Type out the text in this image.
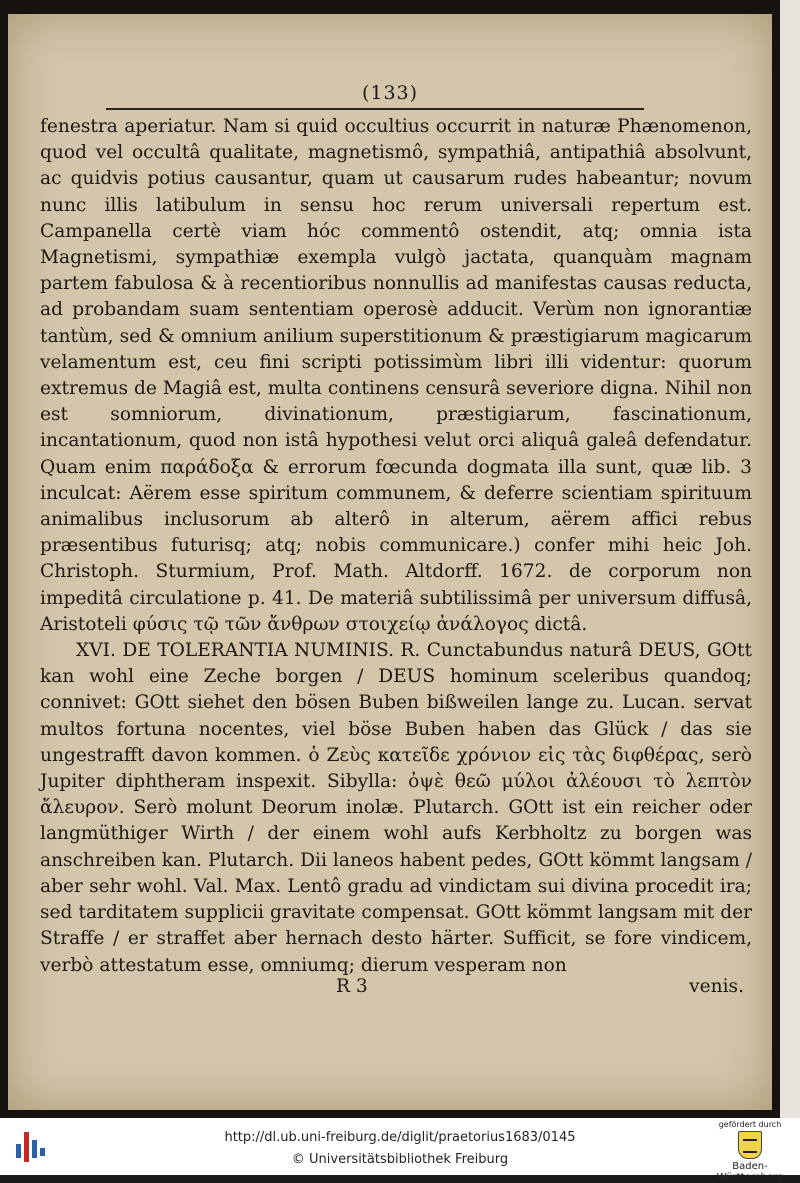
(133)

fenestra aperiatur. Nam si quid occultius occurrit in naturæ Phænomenon, quod vel occultâ qualitate, magnetismô, sympathiâ, antipathiâ absolvunt, ac quidvis potius causantur, quam ut causarum rudes habeantur; novum nunc illis latibulum in sensu hoc rerum universali repertum est. Campanella certè viam hóc commentô ostendit, atq; omnia ista Magnetismi, sympathiæ exempla vulgò jactata, quanquàm magnam partem fabulosa & à recentioribus nonnullis ad manifestas causas reducta, ad probandam suam sententiam operosè adducit. Verùm non ignorantiæ tantùm, sed & omnium anilium superstitionum & præstigiarum magicarum velamentum est, ceu fini scripti potissimùm libri illi videntur: quorum extremus de Magiâ est, multa continens censurâ severiore digna. Nihil non est somniorum, divinationum, præstigiarum, fascinationum, incantationum, quod non istâ hypothesi velut orci aliquâ galeâ defendatur. Quam enim παράδοξα & errorum fœcunda dogmata illa sunt, quæ lib. 3 inculcat: Aërem esse spiritum communem, & deferre scientiam spirituum animalibus inclusorum ab alterô in alterum, aërem affici rebus præsentibus futurisq; atq; nobis communicare.) confer mihi heic Joh. Christoph. Sturmium, Prof. Math. Altdorff. 1672. de corporum non impeditâ circulatione p. 41. De materiâ subtilissimâ per universum diffusâ, Aristoteli φύσις τῷ τῶν ἄνθρων στοιχείῳ ἀνάλογος dictâ.

XVI. DE TOLERANTIA NUMINIS. R. Cunctabundus naturâ DEUS, GOtt kan wohl eine Zeche borgen / DEUS hominum sceleribus quandoq; connivet: GOtt siehet den bösen Buben bißweilen lange zu. Lucan. servat multos fortuna nocentes, viel böse Buben haben das Glück / das sie ungestrafft davon kommen. ὁ Ζεὺς κατεῖδε χρόνιον εἰς τὰς διφθέρας, serò Jupiter diphtheram inspexit. Sibylla: ὀψὲ θεῶ μύλοι ἀλέουσι τὸ λεπτὸν ἄλευρον. Serò molunt Deorum inolæ. Plutarch. GOtt ist ein reicher oder langmüthiger Wirth / der einem wohl aufs Kerbholtz zu borgen was anschreiben kan. Plutarch. Dii laneos habent pedes, GOtt kömmt langsam / aber sehr wohl. Val. Max. Lentô gradu ad vindictam sui divina procedit ira; sed tarditatem supplicii gravitate compensat. GOtt kömmt langsam mit der Straffe / er straffet aber hernach desto härter. Sufficit, se fore vindicem, verbò attestatum esse, omniumq; dierum vesperam non

R 3	venis.
http://dl.ub.uni-freiburg.de/diglit/praetorius1683/0145
© Universitätsbibliothek Freiburg
gefördert durch
Baden-Württemberg
